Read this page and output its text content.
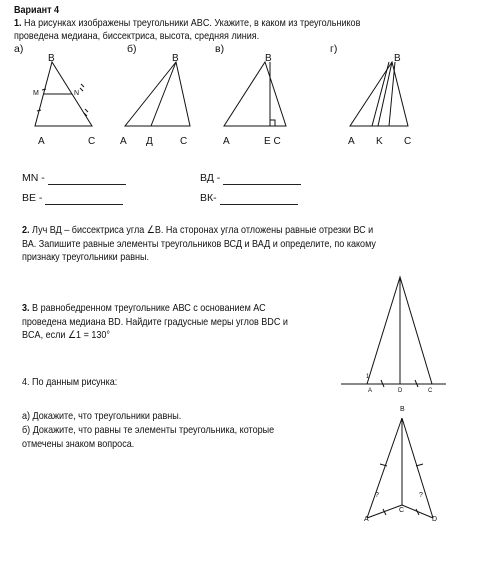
Вариант 4
1. На рисунках изображены треугольники ABC. Укажите, в каком из треугольников
проведена медиана, биссектриса, высота, средняя линия.
а)	б)	в)	г)
B
M	N
A	C
B
A Д	C
B
A	E C
B
A K C
MN -	ВД -
BE -	ВК-
2. Луч ВД – биссектриса угла ∠В. На сторонах угла отложены равные отрезки ВС и
ВА. Запишите равные элементы треугольников ВСД и ВАД и определите, по какому
признаку треугольники равны.
3. В равнобедренном треугольнике АВС с основанием АС
проведена медиана BD. Найдите градусные меры углов BDC и
BCA, если ∠1 = 130°
1
A	D	C
4. По данным рисунка:
а) Докажите, что треугольники равны.
б) Докажите, что равны те элементы треугольника, которые
отмечены знаком вопроса.
B
A	D
C
?	?
